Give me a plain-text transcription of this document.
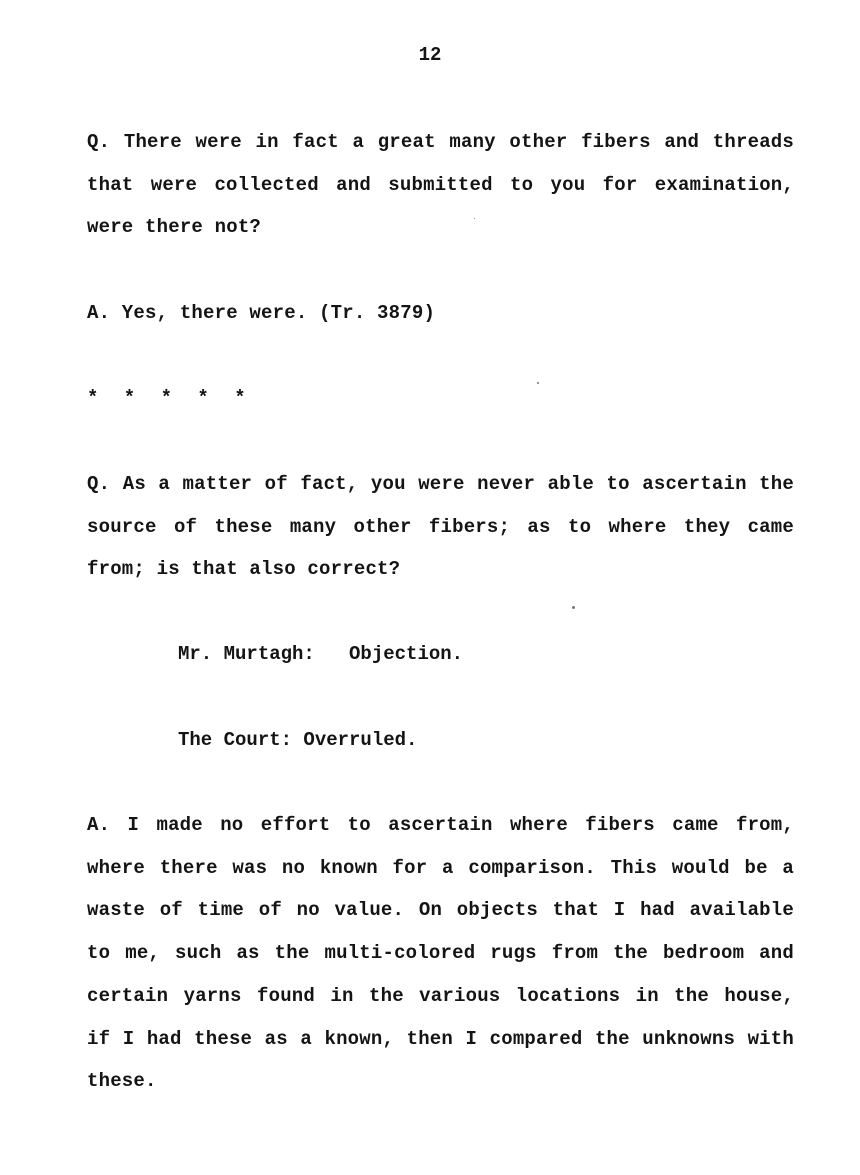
12

Q. There were in fact a great many other fibers and threads that were collected and submitted to you for examination, were there not?

A. Yes, there were. (Tr. 3879)

* * * * *

Q. As a matter of fact, you were never able to ascertain the source of these many other fibers; as to where they came from; is that also correct?

Mr. Murtagh:   Objection.

The Court: Overruled.

A. I made no effort to ascertain where fibers came from, where there was no known for a comparison. This would be a waste of time of no value. On objects that I had available to me, such as the multi-colored rugs from the bedroom and certain yarns found in the various locations in the house, if I had these as a known, then I compared the unknowns with these.
